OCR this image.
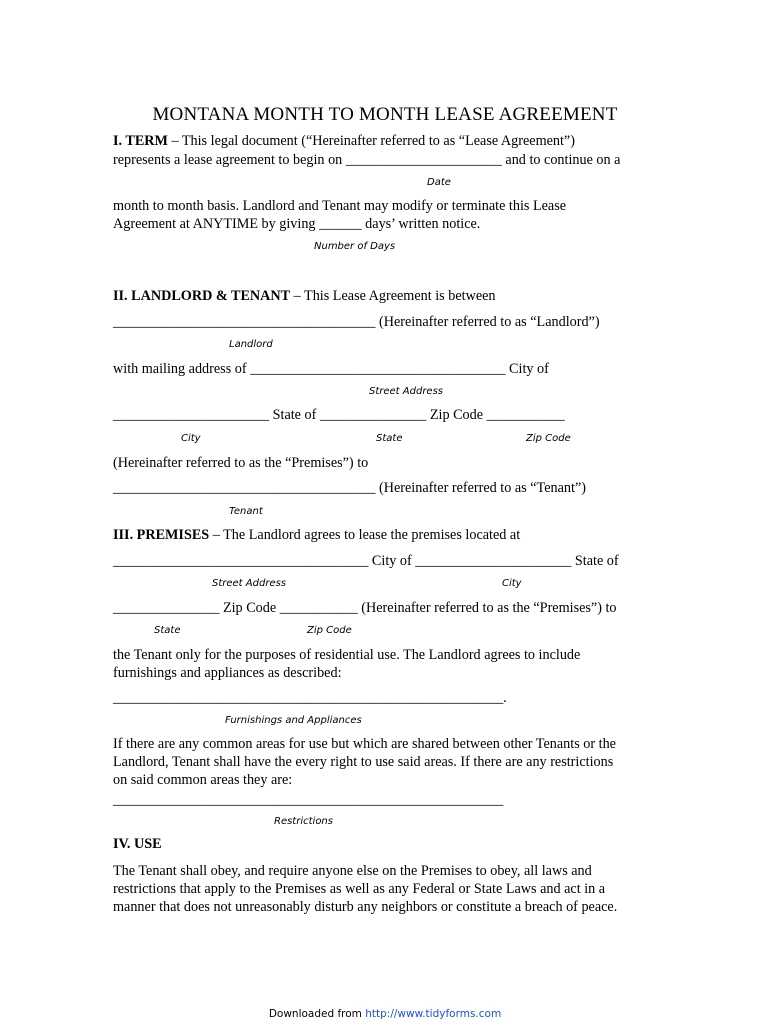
MONTANA MONTH TO MONTH LEASE AGREEMENT
I. TERM – This legal document (“Hereinafter referred to as “Lease Agreement”)
represents a lease agreement to begin on ______________________ and to continue on a
Date
month to month basis. Landlord and Tenant may modify or terminate this Lease
Agreement at ANYTIME by giving ______ days’ written notice.
Number of Days
II. LANDLORD & TENANT – This Lease Agreement is between
_____________________________________ (Hereinafter referred to as “Landlord”)
Landlord
with mailing address of ____________________________________ City of
Street Address
______________________ State of _______________ Zip Code ___________
City	State	Zip Code
(Hereinafter referred to as the “Premises”) to
_____________________________________ (Hereinafter referred to as “Tenant”)
Tenant
III. PREMISES – The Landlord agrees to lease the premises located at
____________________________________ City of ______________________ State of
Street Address	City
_______________ Zip Code ___________ (Hereinafter referred to as the “Premises”) to
State	Zip Code
the Tenant only for the purposes of residential use. The Landlord agrees to include
furnishings and appliances as described:
_______________________________________________________.
Furnishings and Appliances
If there are any common areas for use but which are shared between other Tenants or the
Landlord, Tenant shall have the every right to use said areas. If there are any restrictions
on said common areas they are:
_______________________________________________________
Restrictions
IV. USE
The Tenant shall obey, and require anyone else on the Premises to obey, all laws and
restrictions that apply to the Premises as well as any Federal or State Laws and act in a
manner that does not unreasonably disturb any neighbors or constitute a breach of peace.
Downloaded from http://www.tidyforms.com
